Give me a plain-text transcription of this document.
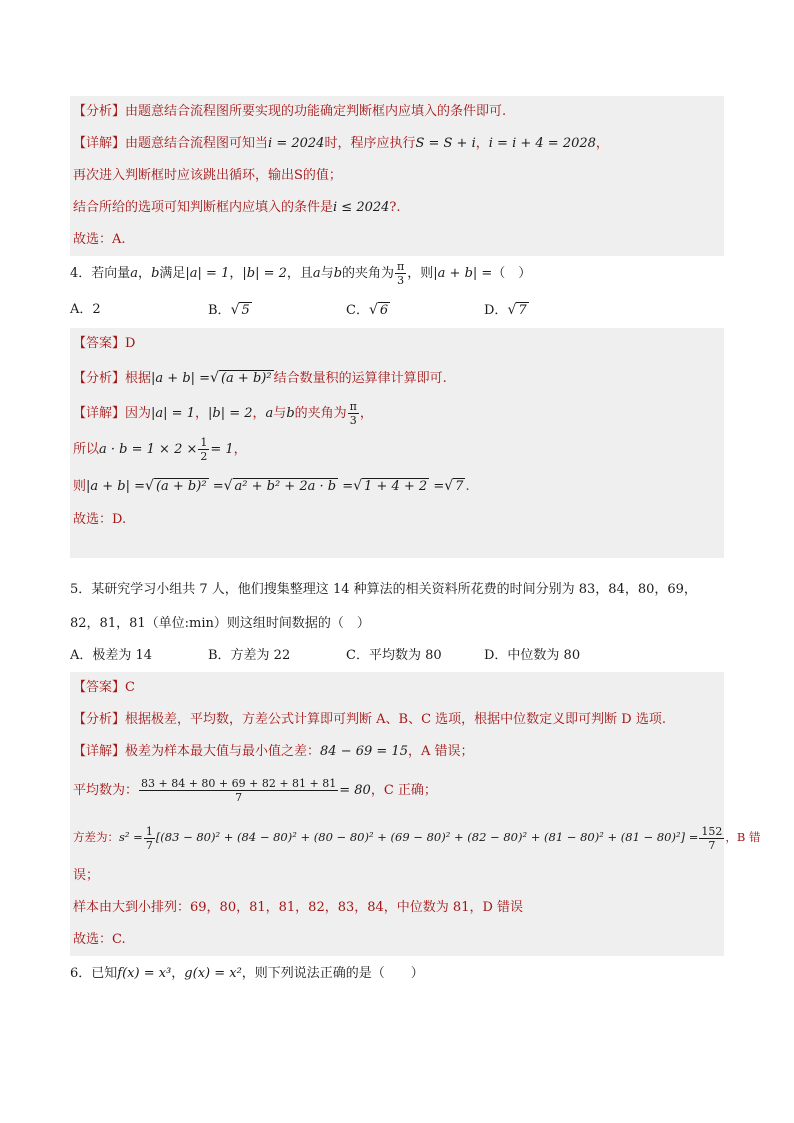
【分析】由题意结合流程图所要实现的功能确定判断框内应填入的条件即可.
【详解】由题意结合流程图可知当i = 2024时，程序应执行S = S + i，i = i + 4 = 2028，
再次进入判断框时应该跳出循环，输出S的值；
结合所给的选项可知判断框内应填入的条件是i ≤ 2024?.
故选：A.
4．若向量a，b满足|a| = 1，|b| = 2，且a与b的夹角为 $\frac{\pi}{3}$ ，则|a + b| =（　）
A．2	B．√ 5	C．√ 6	D．√ 7
【答案】D
【分析】根据|a + b| =√ (a + b)² 结合数量积的运算律计算即可.
【详解】因为|a| = 1，|b| = 2，a与b的夹角为 $\frac{\pi}{3}$ ，
所以$a \cdot b = 1 \times 2 \times \frac{1}{2} = 1$，
则|a + b| =√ (a + b)² =√ a² + b² + 2a · b =√ 1 + 4 + 2 =√ 7 .
故选：D.
5．某研究学习小组共 7 人，他们搜集整理这 14 种算法的相关资料所花费的时间分别为 83，84，80，69，
82，81，81（单位:min）则这组时间数据的（　）
A．极差为 14	B．方差为 22	C．平均数为 80	D．中位数为 80
【答案】C
【分析】根据极差，平均数，方差公式计算即可判断 A、B、C 选项，根据中位数定义即可判断 D 选项.
【详解】极差为样本最大值与最小值之差：84 − 69 = 15，A 错误；
平均数为： $\frac{83 + 84 + 80 + 69 + 82 + 81 + 81}{7} = 80$，C 正确；
方差为：$s^2 = \frac{1}{7} [(83 - 80)^2 + (84 - 80)^2 + (80 - 80)^2 + (69 - 80)^2 + (82 - 80)^2 + (81 - 80)^2 + (81 - 80)^2] = \frac{152}{7}$ ，B 错
误；
样本由大到小排列：69，80，81，81，82，83，84，中位数为 81，D 错误
故选：C.
6．已知f(x) = x³，g(x) = x²，则下列说法正确的是（　　）
